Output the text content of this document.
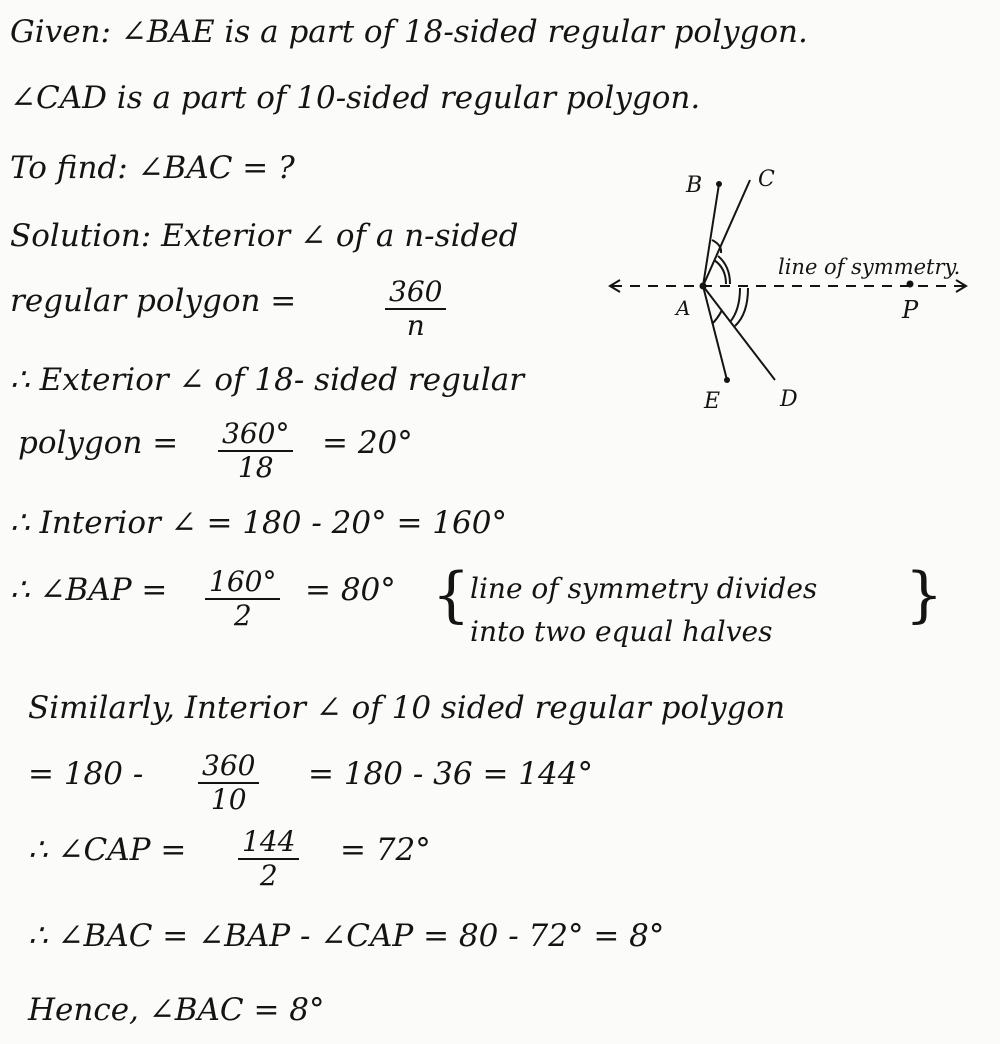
Given: ∠BAE is a part of 18-sided regular polygon.
∠CAD is a part of 10-sided regular polygon.
To find: ∠BAC = ?
Solution: Exterior ∠ of a n-sided
regular polygon =	$\frac{360}{n}$
∴ Exterior ∠ of 18- sided regular
polygon = $\frac{360^\circ}{18} = 20^\circ$
∴ Interior ∠ = 180 - 20° = 160°
∴ ∠BAP = $\frac{160^\circ}{2} = 80^\circ$ { line of symmetry divides
into two equal halves
}
Similarly, Interior ∠ of 10 sided regular polygon
= $180 - \frac{360}{10} = 180 - 36 = 144^\circ$
∴ ∠CAP = $\frac{144}{2} = 72^\circ$
∴ ∠BAC = ∠BAP - ∠CAP = 80 - 72° = 8°
Hence, ∠BAC = 8°
B	C
A	P
E	D
line of symmetry.
